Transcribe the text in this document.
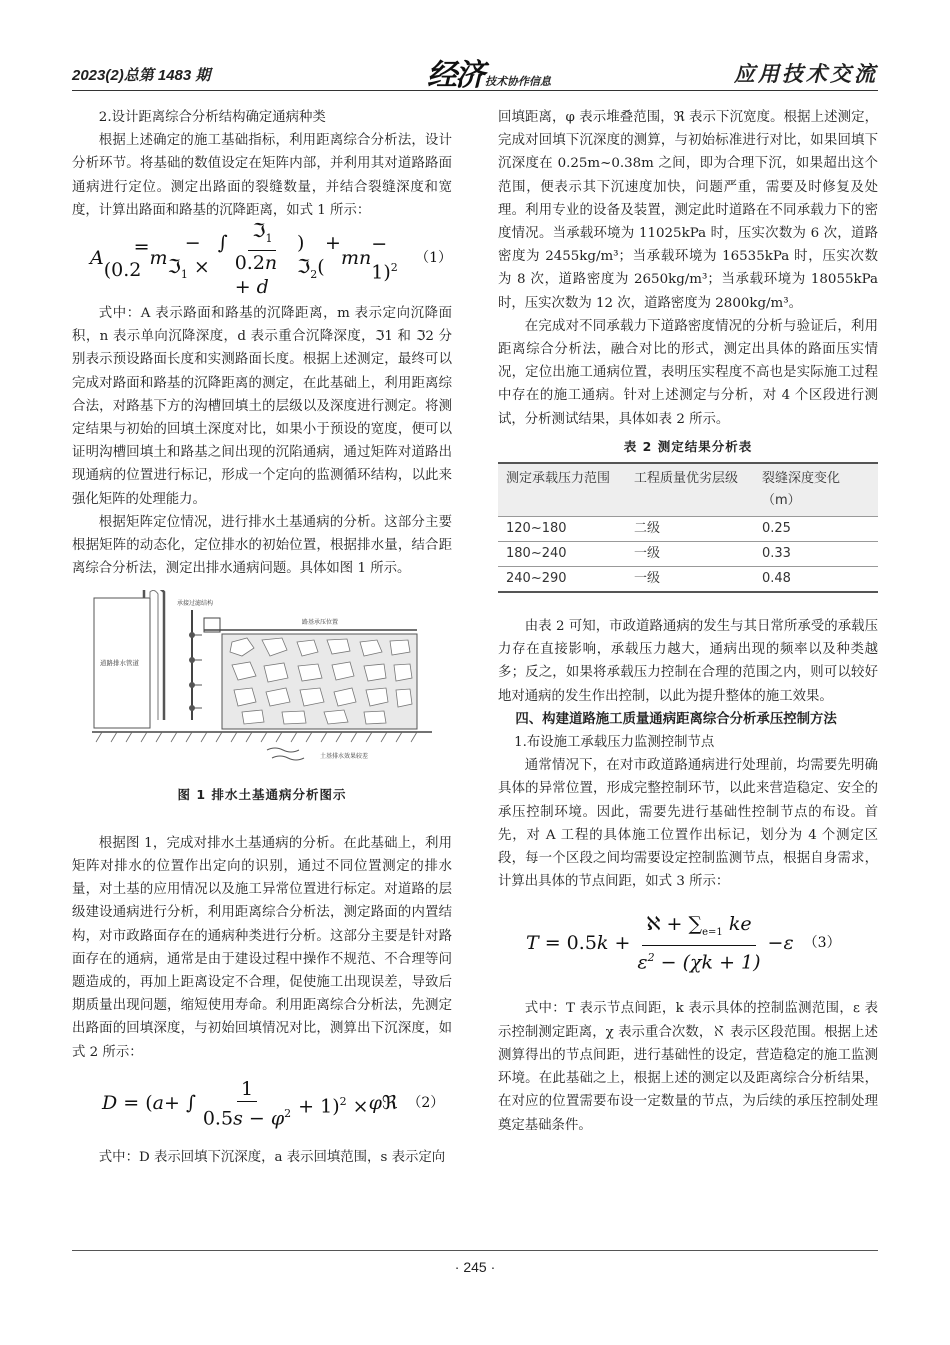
2023(2)总第 1483 期	经济 技术协作信息	应用技术交流

2.设计距离综合分析结构确定通病种类

根据上述确定的施工基础指标，利用距离综合分析法，设计分析环节。将基础的数值设定在矩阵内部，并利用其对道路路面通病进行定位。测定出路面的裂缝数量，并结合裂缝深度和宽度，计算出路面和路基的沉降距离，如式 1 所示：

A
= (0.2
m
− ∫ ℑ$_1$ ×	$\frac{ℑ_1}{0.2n + d}$ ) + ℑ$_2$( mn
− 1)$^2$
（1）

式中：A 表示路面和路基的沉降距离，m 表示定向沉降面积，n 表示单向沉降深度，d 表示重合沉降深度，ℑ1 和 ℑ2 分别表示预设路面长度和实测路面长度。根据上述测定，最终可以完成对路面和路基的沉降距离的测定，在此基础上，利用距离综合法，对路基下方的沟槽回填土的层级以及深度进行测定。将测定结果与初始的回填土深度对比，如果小于预设的宽度，便可以证明沟槽回填土和路基之间出现的沉陷通病，通过矩阵对道路出现通病的位置进行标记，形成一个定向的监测循环结构，以此来强化矩阵的处理能力。

根据矩阵定位情况，进行排水土基通病的分析。这部分主要根据矩阵的动态化，定位排水的初始位置，根据排水量，结合距离综合分析法，测定出排水通病问题。具体如图 1 所示。

道路排水管道
承接过滤结构
路基承压位置
土基排水效果较差
图 1 排水土基通病分析图示

根据图 1，完成对排水土基通病的分析。在此基础上，利用矩阵对排水的位置作出定向的识别，通过不同位置测定的排水量，对土基的应用情况以及施工异常位置进行标定。对道路的层级建设通病进行分析，利用距离综合分析法，测定路面的内置结构，对市政路面存在的通病种类进行分析。这部分主要是针对路面存在的通病，通常是由于建设过程中操作不规范、不合理等问题造成的，再加上距离设定不合理，促使施工出现误差，导致后期质量出现问题，缩短使用寿命。利用距离综合分析法，先测定出路面的回填深度，与初始回填情况对比，测算出下沉深度，如式 2 所示：

D = ( a + ∫ $\frac{1}{0.5s - \varphi^2} + 1)^2 \times \varphi$ ℜ （2）

式中：D 表示回填下沉深度，a 表示回填范围，s 表示定向

回填距离，φ 表示堆叠范围，ℜ 表示下沉宽度。根据上述测定，完成对回填下沉深度的测算，与初始标准进行对比，如果回填下沉深度在 0.25m~0.38m 之间，即为合理下沉，如果超出这个范围，便表示其下沉速度加快，问题严重，需要及时修复及处理。利用专业的设备及装置，测定此时道路在不同承载力下的密度情况。当承载环境为 11025kPa 时，压实次数为 6 次，道路密度为 2455kg/m³；当承载环境为 16535kPa 时，压实次数为 8 次，道路密度为 2650kg/m³；当承载环境为 18055kPa 时，压实次数为 12 次，道路密度为 2800kg/m³。

在完成对不同承载力下道路密度情况的分析与验证后，利用距离综合分析法，融合对比的形式，测定出具体的路面压实情况，定位出施工通病位置，表明压实程度不高也是实际施工过程中存在的施工通病。针对上述测定与分析，对 4 个区段进行测试，分析测试结果，具体如表 2 所示。

表 2 测定结果分析表
测定承载压力范围	工程质量优劣层级	裂缝深度变化（m）
120~180	二级	0.25
180~240	一级	0.33
240~290	一级	0.48

由表 2 可知，市政道路通病的发生与其日常所承受的承载压力存在直接影响，承载压力越大，通病出现的频率以及种类越多；反之，如果将承载压力控制在合理的范围之内，则可以较好地对通病的发生作出控制，以此为提升整体的施工效果。

四、构建道路施工质量通病距离综合分析承压控制方法
1.布设施工承载压力监测控制节点

通常情况下，在对市政道路通病进行处理前，均需要先明确具体的异常位置，形成完整控制环节，以此来营造稳定、安全的承压控制环境。因此，需要先进行基础性控制节点的布设。首先，对 A 工程的具体施工位置作出标记，划分为 4 个测定区段，每一个区段之间均需要设定控制监测节点，根据自身需求，计算出具体的节点间距，如式 3 所示：

T = 0.5 $k + \frac{ℵ + \sum_{e=1} ke}{\varepsilon^2 - (\chi k + 1)} - \varepsilon$ （3）

式中：T 表示节点间距，k 表示具体的控制监测范围，ε 表示控制测定距离，χ 表示重合次数，ℵ 表示区段范围。根据上述测算得出的节点间距，进行基础性的设定，营造稳定的施工监测环境。在此基础之上，根据上述的测定以及距离综合分析结果，在对应的位置需要布设一定数量的节点，为后续的承压控制处理奠定基础条件。

· 245 ·
